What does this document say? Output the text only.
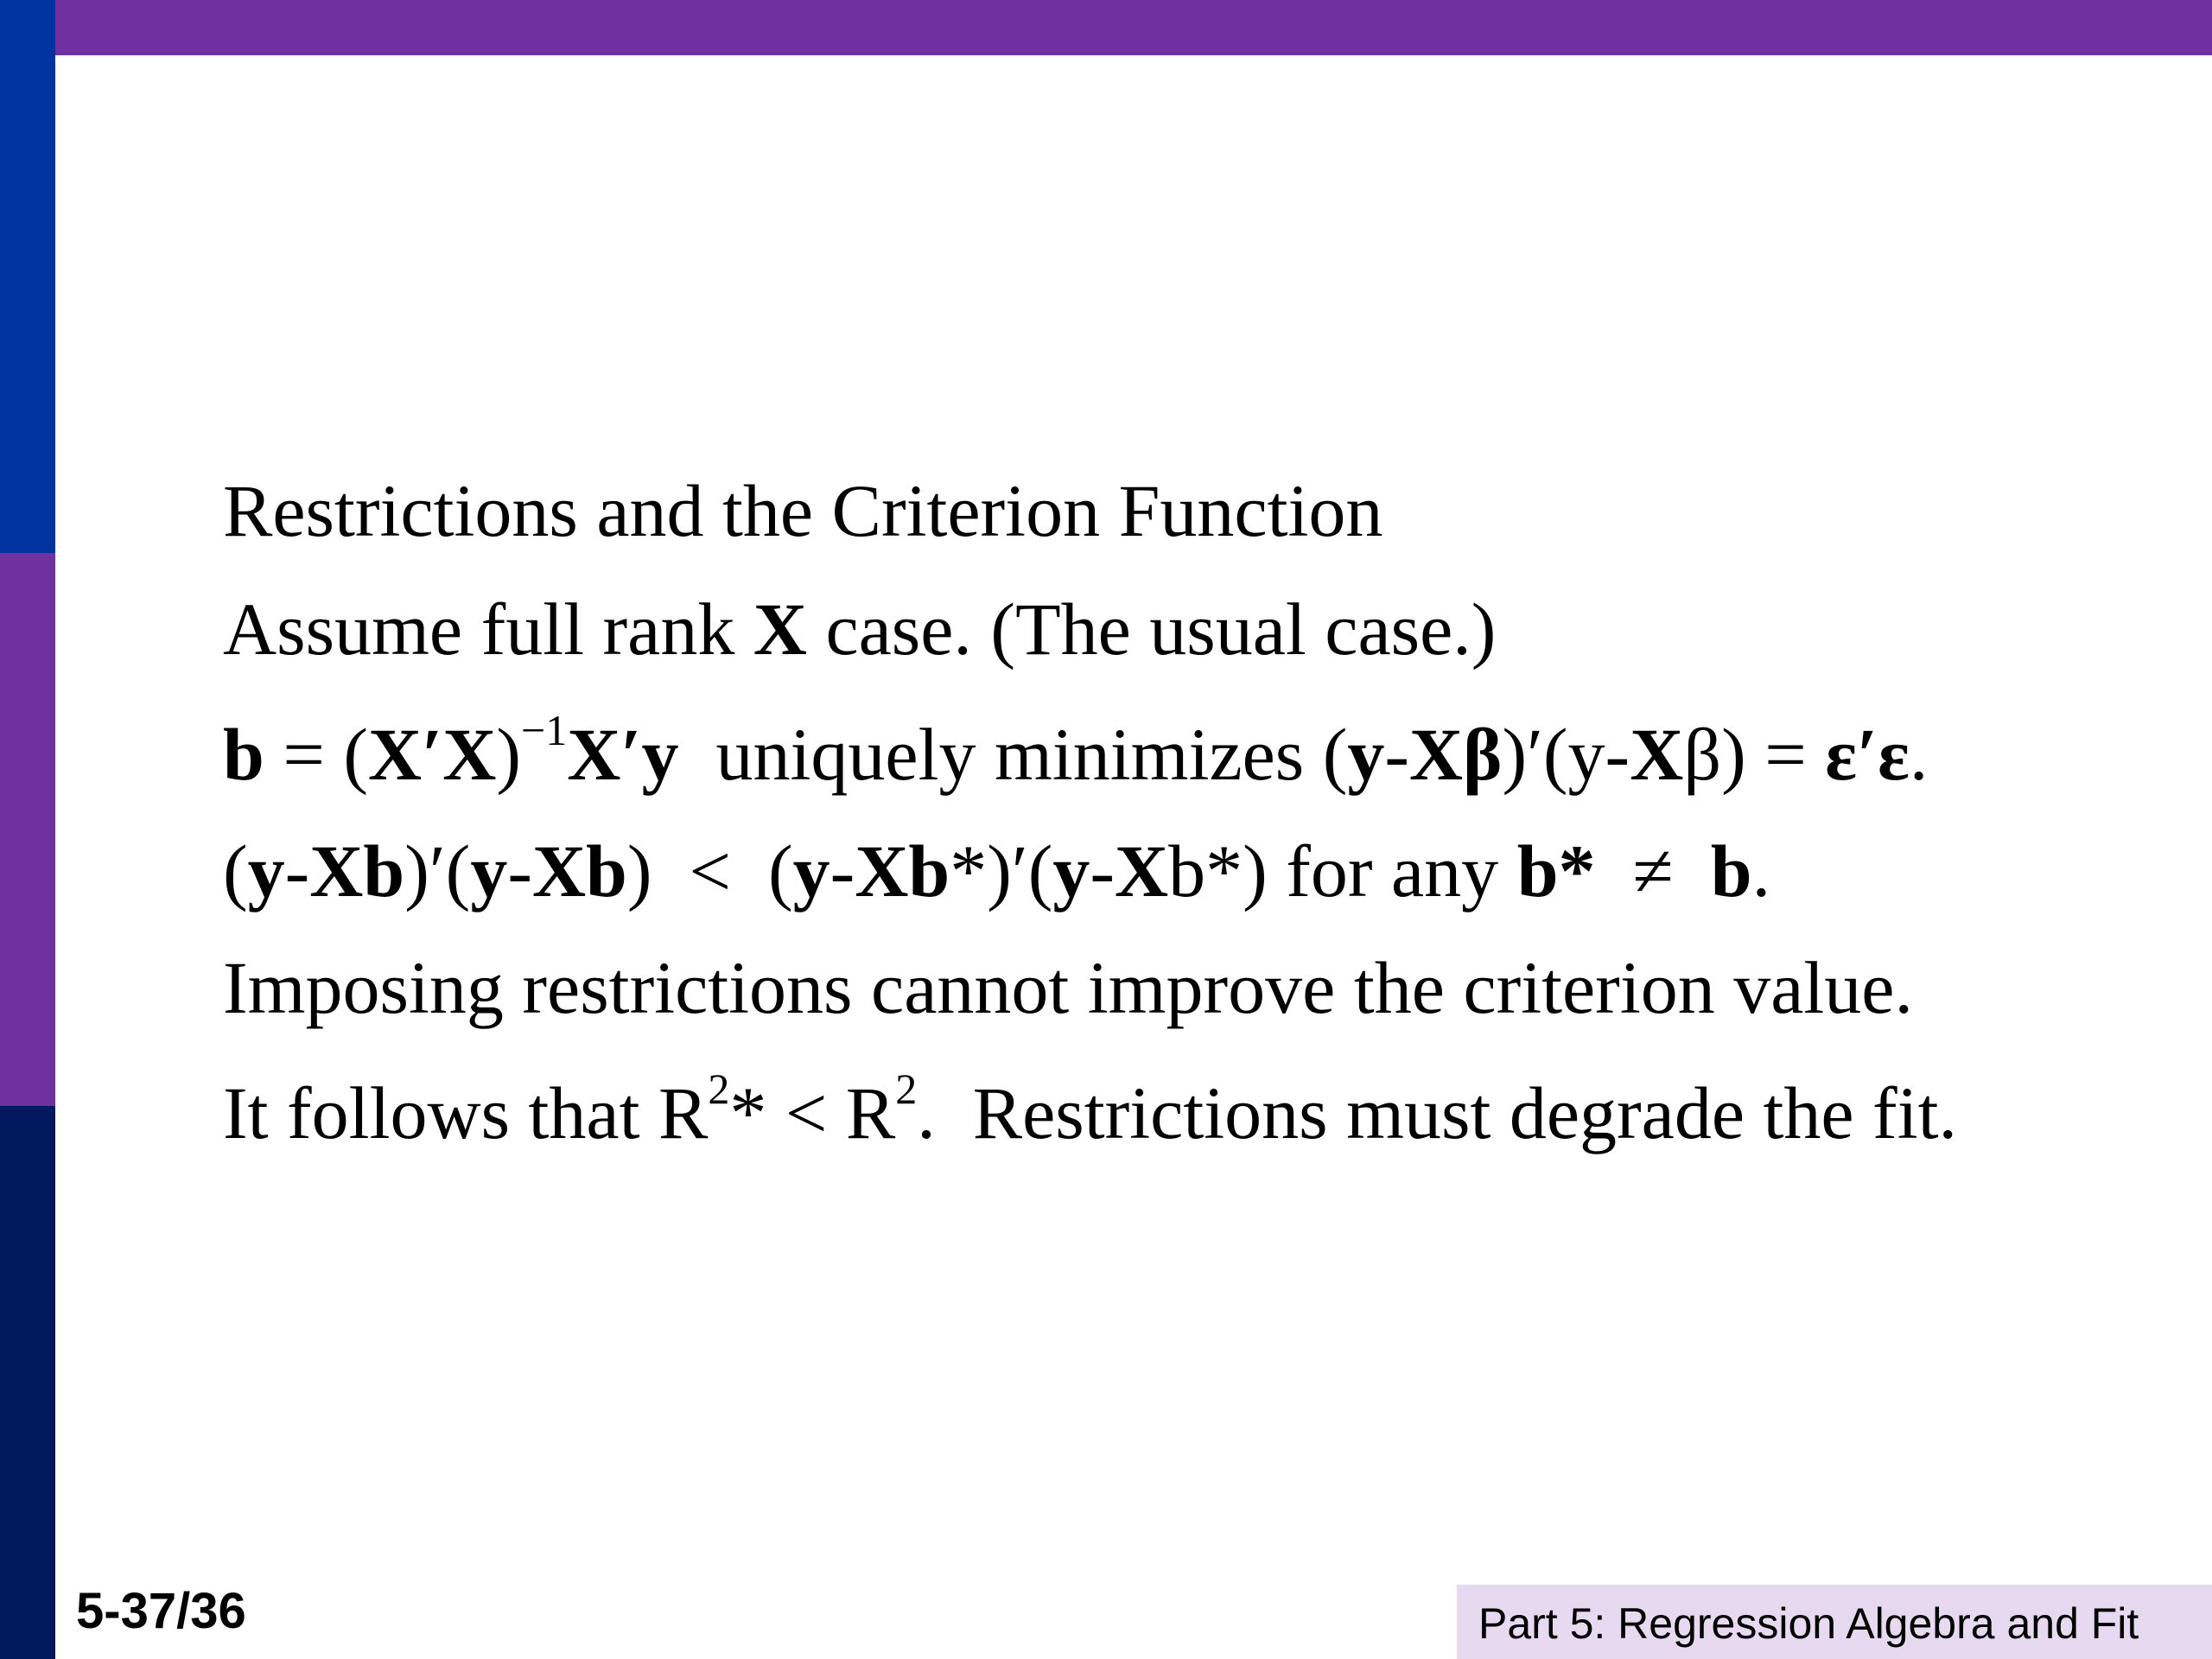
Restrictions and the Criterion Function
Assume full rank X case. (The usual case.)
$b = (X'X)^{-1}X'y$  uniquely minimizes (y-Xβ)′(y-Xβ) = ε′ε.
(y-Xb)′(y-Xb)  <  (y-Xb*)′(y-Xb*) for any b*  ≠  b.
Imposing restrictions cannot improve the criterion value.
It follows that $R^2* < R^2$.  Restrictions must degrade the fit.
5-37/36	Part 5: Regression Algebra and Fit
